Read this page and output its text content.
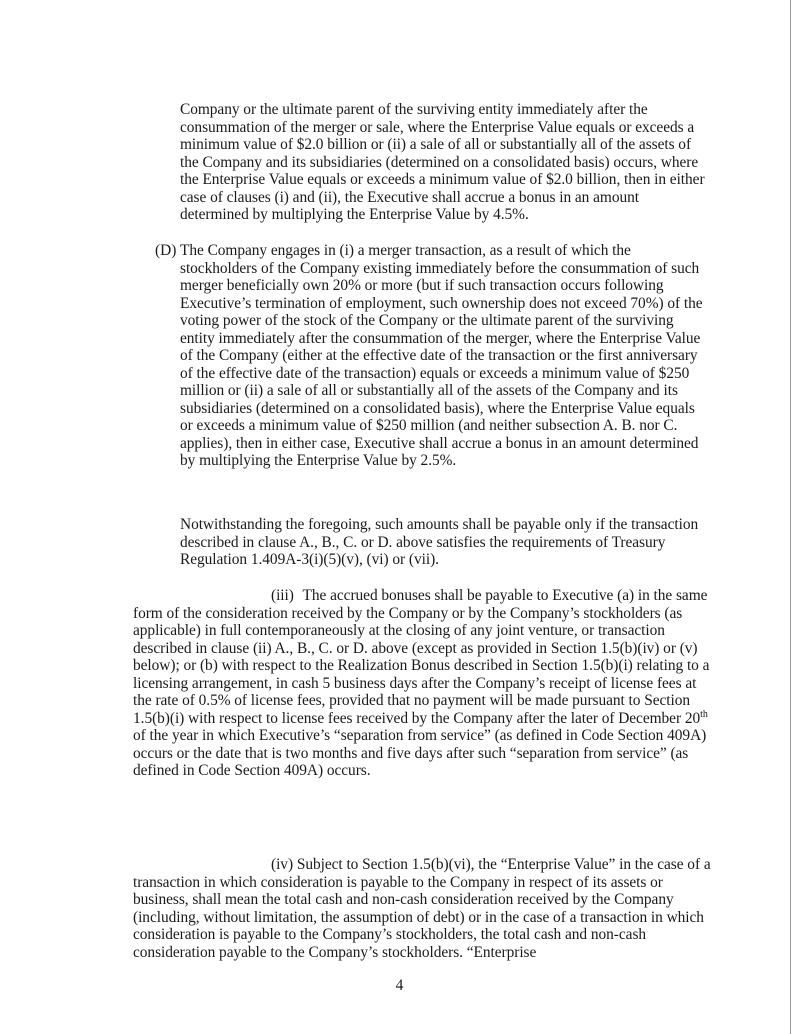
Company or the ultimate parent of the surviving entity immediately after the consummation of the merger or sale, where the Enterprise Value equals or exceeds a minimum value of $2.0 billion or (ii) a sale of all or substantially all of the assets of the Company and its subsidiaries (determined on a consolidated basis) occurs, where the Enterprise Value equals or exceeds a minimum value of $2.0 billion, then in either case of clauses (i) and (ii), the Executive shall accrue a bonus in an amount determined by multiplying the Enterprise Value by 4.5%.

(D) The Company engages in (i) a merger transaction, as a result of which the stockholders of the Company existing immediately before the consummation of such merger beneficially own 20% or more (but if such transaction occurs following Executive’s termination of employment, such ownership does not exceed 70%) of the voting power of the stock of the Company or the ultimate parent of the surviving entity immediately after the consummation of the merger, where the Enterprise Value of the Company (either at the effective date of the transaction or the first anniversary of the effective date of the transaction) equals or exceeds a minimum value of $250 million or (ii) a sale of all or substantially all of the assets of the Company and its subsidiaries (determined on a consolidated basis), where the Enterprise Value equals or exceeds a minimum value of $250 million (and neither subsection A. B. nor C. applies), then in either case, Executive shall accrue a bonus in an amount determined by multiplying the Enterprise Value by 2.5%.

Notwithstanding the foregoing, such amounts shall be payable only if the transaction described in clause A., B., C. or D. above satisfies the requirements of Treasury Regulation 1.409A-3(i)(5)(v), (vi) or (vii).

(iii) The accrued bonuses shall be payable to Executive (a) in the same form of the consideration received by the Company or by the Company’s stockholders (as applicable) in full contemporaneously at the closing of any joint venture, or transaction described in clause (ii) A., B., C. or D. above (except as provided in Section 1.5(b)(iv) or (v) below); or (b) with respect to the Realization Bonus described in Section 1.5(b)(i) relating to a licensing arrangement, in cash 5 business days after the Company’s receipt of license fees at the rate of 0.5% of license fees, provided that no payment will be made pursuant to Section 1.5(b)(i) with respect to license fees received by the Company after the later of December 20th of the year in which Executive’s “separation from service” (as defined in Code Section 409A) occurs or the date that is two months and five days after such “separation from service” (as defined in Code Section 409A) occurs.

(iv) Subject to Section 1.5(b)(vi), the “Enterprise Value” in the case of a transaction in which consideration is payable to the Company in respect of its assets or business, shall mean the total cash and non-cash consideration received by the Company (including, without limitation, the assumption of debt) or in the case of a transaction in which consideration is payable to the Company’s stockholders, the total cash and non-cash consideration payable to the Company’s stockholders. “Enterprise

4
